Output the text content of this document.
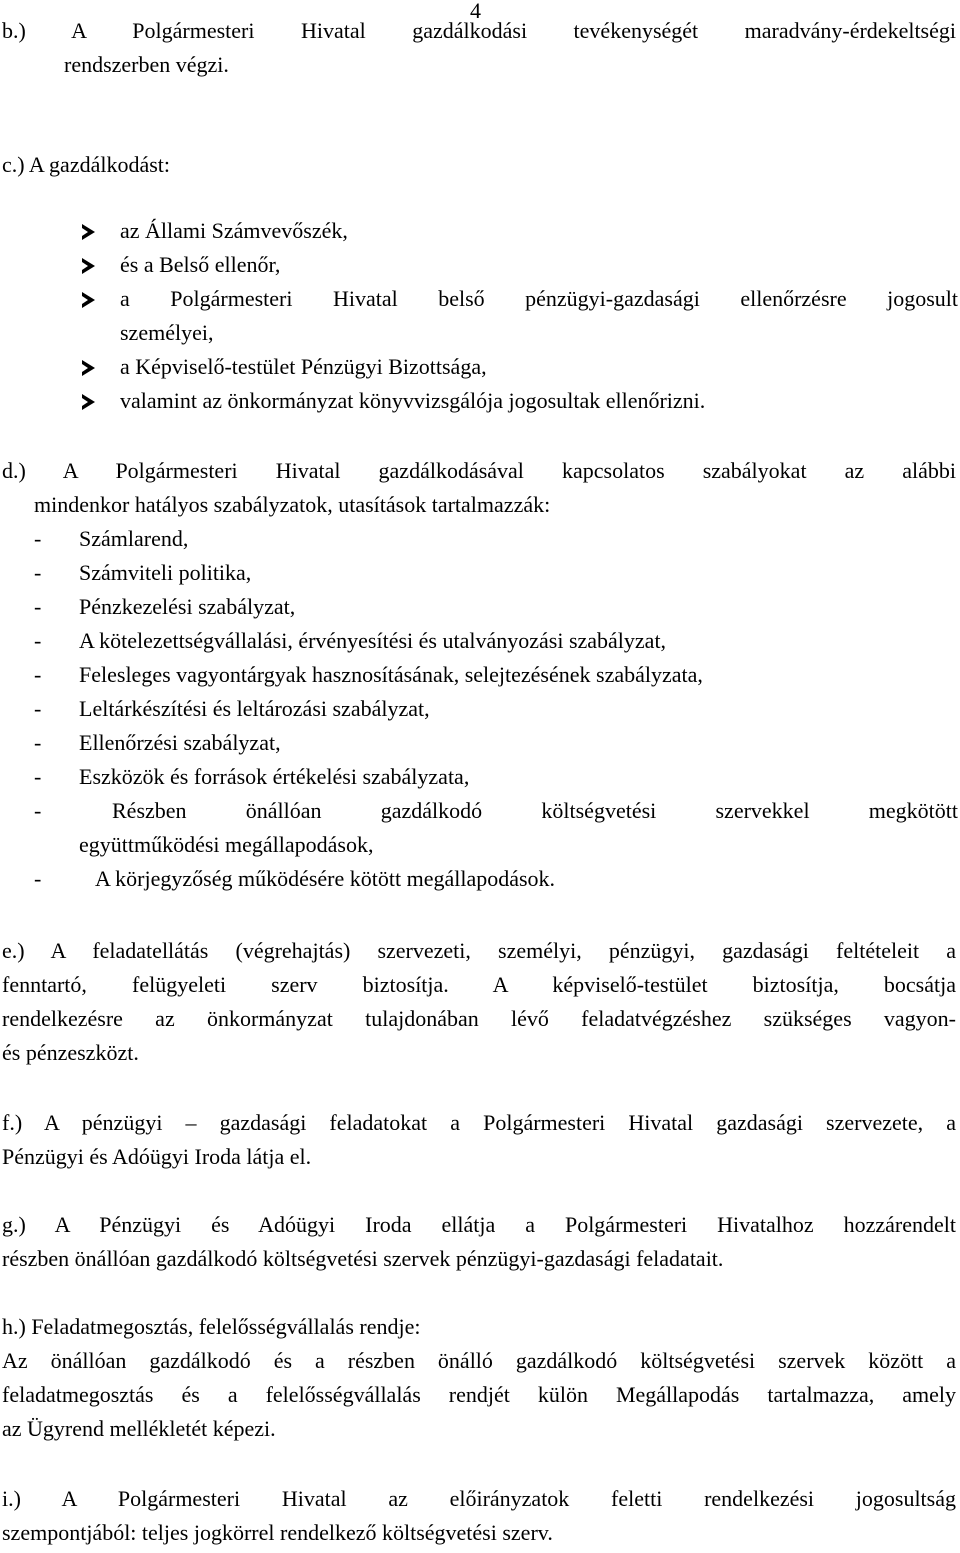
4
b.) A Polgármesteri Hivatal gazdálkodási tevékenységét maradvány-érdekeltségi
rendszerben végzi.
c.) A gazdálkodást:
az Állami Számvevőszék,
és a Belső ellenőr,
a Polgármesteri Hivatal belső pénzügyi-gazdasági ellenőrzésre jogosult
személyei,
a Képviselő-testület Pénzügyi Bizottsága,
valamint az önkormányzat könyvvizsgálója jogosultak ellenőrizni.
d.) A Polgármesteri Hivatal gazdálkodásával kapcsolatos szabályokat az alábbi
mindenkor hatályos szabályzatok, utasítások tartalmazzák:
- Számlarend,
- Számviteli politika,
- Pénzkezelési szabályzat,
- A kötelezettségvállalási, érvényesítési és utalványozási szabályzat,
- Felesleges vagyontárgyak hasznosításának, selejtezésének szabályzata,
- Leltárkészítési és leltározási szabályzat,
- Ellenőrzési szabályzat,
- Eszközök és források értékelési szabályzata,
-	Részben önállóan gazdálkodó költségvetési szervekkel megkötött
együttműködési megállapodások,
- A körjegyzőség működésére kötött megállapodások.
e.) A feladatellátás (végrehajtás) szervezeti, személyi, pénzügyi, gazdasági feltételeit a
fenntartó, felügyeleti szerv biztosítja. A képviselő-testület biztosítja, bocsátja
rendelkezésre az önkormányzat tulajdonában lévő feladatvégzéshez szükséges vagyon-
és pénzeszközt.
f.) A pénzügyi – gazdasági feladatokat a Polgármesteri Hivatal gazdasági szervezete, a
Pénzügyi és Adóügyi Iroda látja el.
g.) A Pénzügyi és Adóügyi Iroda ellátja a Polgármesteri Hivatalhoz hozzárendelt
részben önállóan gazdálkodó költségvetési szervek pénzügyi-gazdasági feladatait.
h.) Feladatmegosztás, felelősségvállalás rendje:
Az önállóan gazdálkodó és a részben önálló gazdálkodó költségvetési szervek között a
feladatmegosztás és a felelősségvállalás rendjét külön Megállapodás tartalmazza, amely
az Ügyrend mellékletét képezi.
i.) A Polgármesteri Hivatal az előirányzatok feletti rendelkezési jogosultság
szempontjából: teljes jogkörrel rendelkező költségvetési szerv.
